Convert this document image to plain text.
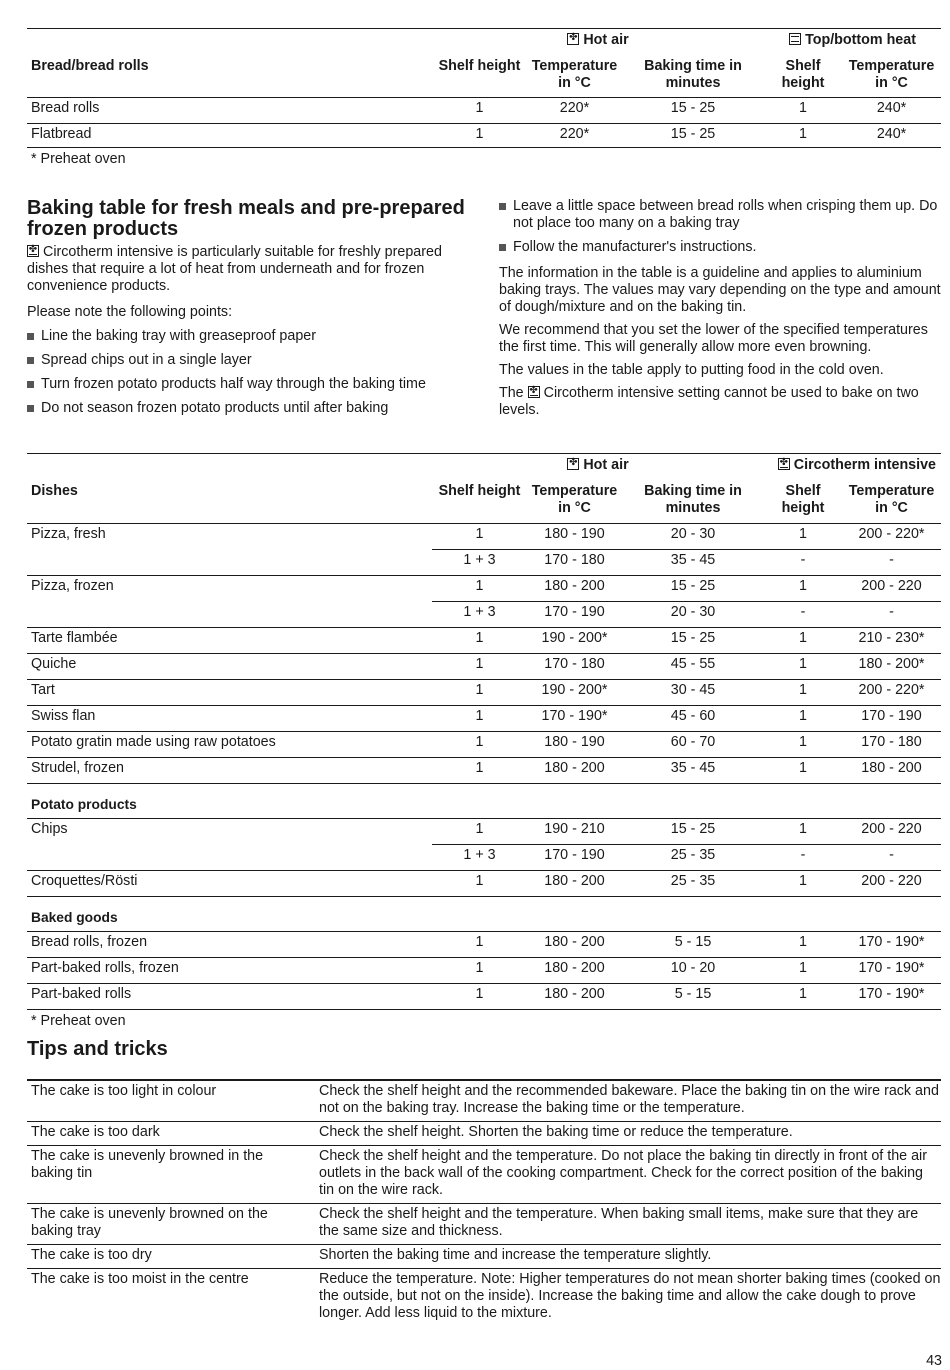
	✤Hot air			Top/bottom heat	
Bread/bread rolls	Shelf height	Temperature in °C	Baking time in minutes	Shelf height	Temperature in °C
Bread rolls	1	220*	15 - 25	1	240*
Flatbread	1	220*	15 - 25	1	240*
* Preheat oven
Baking table for fresh meals and pre-prepared frozen products

✤Circotherm intensive is particularly suitable for freshly prepared dishes that require a lot of heat from underneath and for frozen convenience products.

Please note the following points:

Line the baking tray with greaseproof paper
Spread chips out in a single layer
Turn frozen potato products half way through the baking time
Do not season frozen potato products until after baking
Leave a little space between bread rolls when crisping them up. Do not place too many on a baking tray
Follow the manufacturer's instructions.

The information in the table is a guideline and applies to aluminium baking trays. The values may vary depending on the type and amount of dough/mixture and on the baking tin.

We recommend that you set the lower of the specified temperatures the first time. This will generally allow more even browning.

The values in the table apply to putting food in the cold oven.

The ✤ Circotherm intensive setting cannot be used to bake on two levels.

	✤Hot air	✤Circotherm intensive
Dishes	Shelf height	Temperature in °C	Baking time in minutes	Shelf height	Temperature in °C
Pizza, fresh	1	180 - 190	20 - 30	1	200 - 220*
	1 + 3	170 - 180	35 - 45	-	-
Pizza, frozen	1	180 - 200	15 - 25	1	200 - 220
	1 + 3	170 - 190	20 - 30	-	-
Tarte flambée	1	190 - 200*	15 - 25	1	210 - 230*
Quiche	1	170 - 180	45 - 55	1	180 - 200*
Tart	1	190 - 200*	30 - 45	1	200 - 220*
Swiss flan	1	170 - 190*	45 - 60	1	170 - 190
Potato gratin made using raw potatoes	1	180 - 190	60 - 70	1	170 - 180
Strudel, frozen	1	180 - 200	35 - 45	1	180 - 200
Potato products					
Chips	1	190 - 210	15 - 25	1	200 - 220
	1 + 3	170 - 190	25 - 35	-	-
Croquettes/Rösti	1	180 - 200	25 - 35	1	200 - 220
Baked goods					
Bread rolls, frozen	1	180 - 200	5 - 15	1	170 - 190*
Part-baked rolls, frozen	1	180 - 200	10 - 20	1	170 - 190*
Part-baked rolls	1	180 - 200	5 - 15	1	170 - 190*

* Preheat oven					
Tips and tricks
The cake is too light in colour	Check the shelf height and the recommended bakeware. Place the baking tin on the wire rack and not on the baking tray. Increase the baking time or the temperature.
The cake is too dark	Check the shelf height. Shorten the baking time or reduce the temperature.
The cake is unevenly browned in the baking tin	Check the shelf height and the temperature. Do not place the baking tin directly in front of the air outlets in the back wall of the cooking compartment. Check for the correct position of the baking tin on the wire rack.
The cake is unevenly browned on the baking tray	Check the shelf height and the temperature. When baking small items, make sure that they are the same size and thickness.
The cake is too dry	Shorten the baking time and increase the temperature slightly.
The cake is too moist in the centre	Reduce the temperature. Note: Higher temperatures do not mean shorter baking times (cooked on the outside, but not on the inside). Increase the baking time and allow the cake dough to prove longer. Add less liquid to the mixture.
43
